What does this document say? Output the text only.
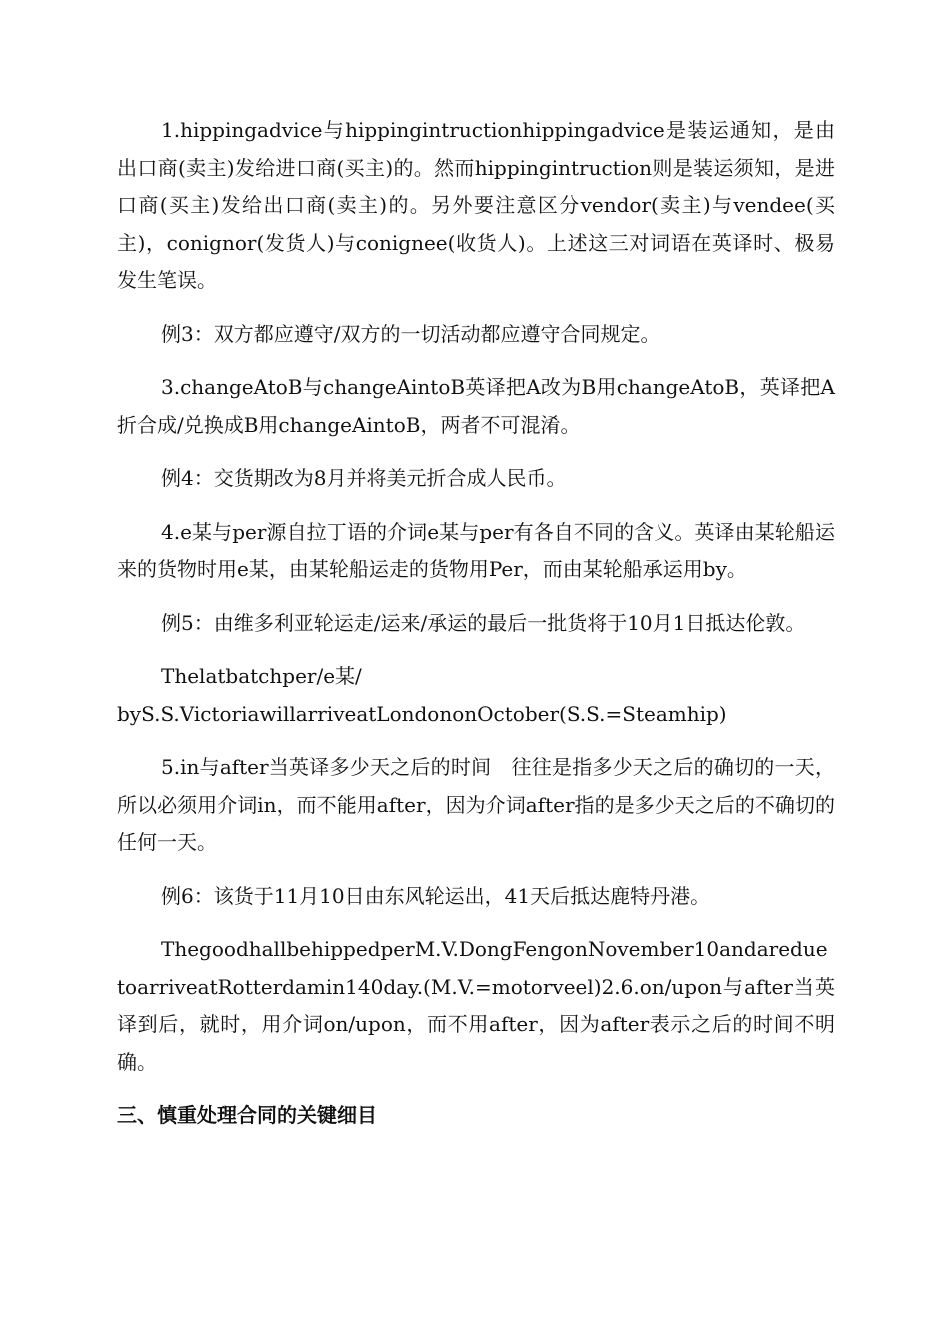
1.hippingadvice与hippingintructionhippingadvice是装运通知，是由出口商(卖主)发给进口商(买主)的。然而hippingintruction则是装运须知，是进口商(买主)发给出口商(卖主)的。另外要注意区分vendor(卖主)与vendee(买主)，conignor(发货人)与conignee(收货人)。上述这三对词语在英译时、极易发生笔误。

例3：双方都应遵守/双方的一切活动都应遵守合同规定。

3.changeAtoB与changeAintoB英译把A改为B用changeAtoB，英译把A折合成/兑换成B用changeAintoB，两者不可混淆。

例4：交货期改为8月并将美元折合成人民币。

4.e某与per源自拉丁语的介词e某与per有各自不同的含义。英译由某轮船运来的货物时用e某，由某轮船运走的货物用Per，而由某轮船承运用by。

例5：由维多利亚轮运走/运来/承运的最后一批货将于10月1日抵达伦敦。

Thelatbatchper/e某/

byS.S.VictoriawillarriveatLondononOctober(S.S.=Steamhip)

5.in与after当英译多少天之后的时间　往往是指多少天之后的确切的一天，所以必须用介词in，而不能用after，因为介词after指的是多少天之后的不确切的任何一天。

例6：该货于11月10日由东风轮运出，41天后抵达鹿特丹港。

ThegoodhallbehippedperM.V.DongFengonNovember10andareduetoarriveatRotterdamin14​0day.(M.V.=motorveel)2.6.on/upon与after当英译到后，就时，用介词on/upon，而不用after，因为after表示之后的时间不明确。

三、慎重处理合同的关键细目
